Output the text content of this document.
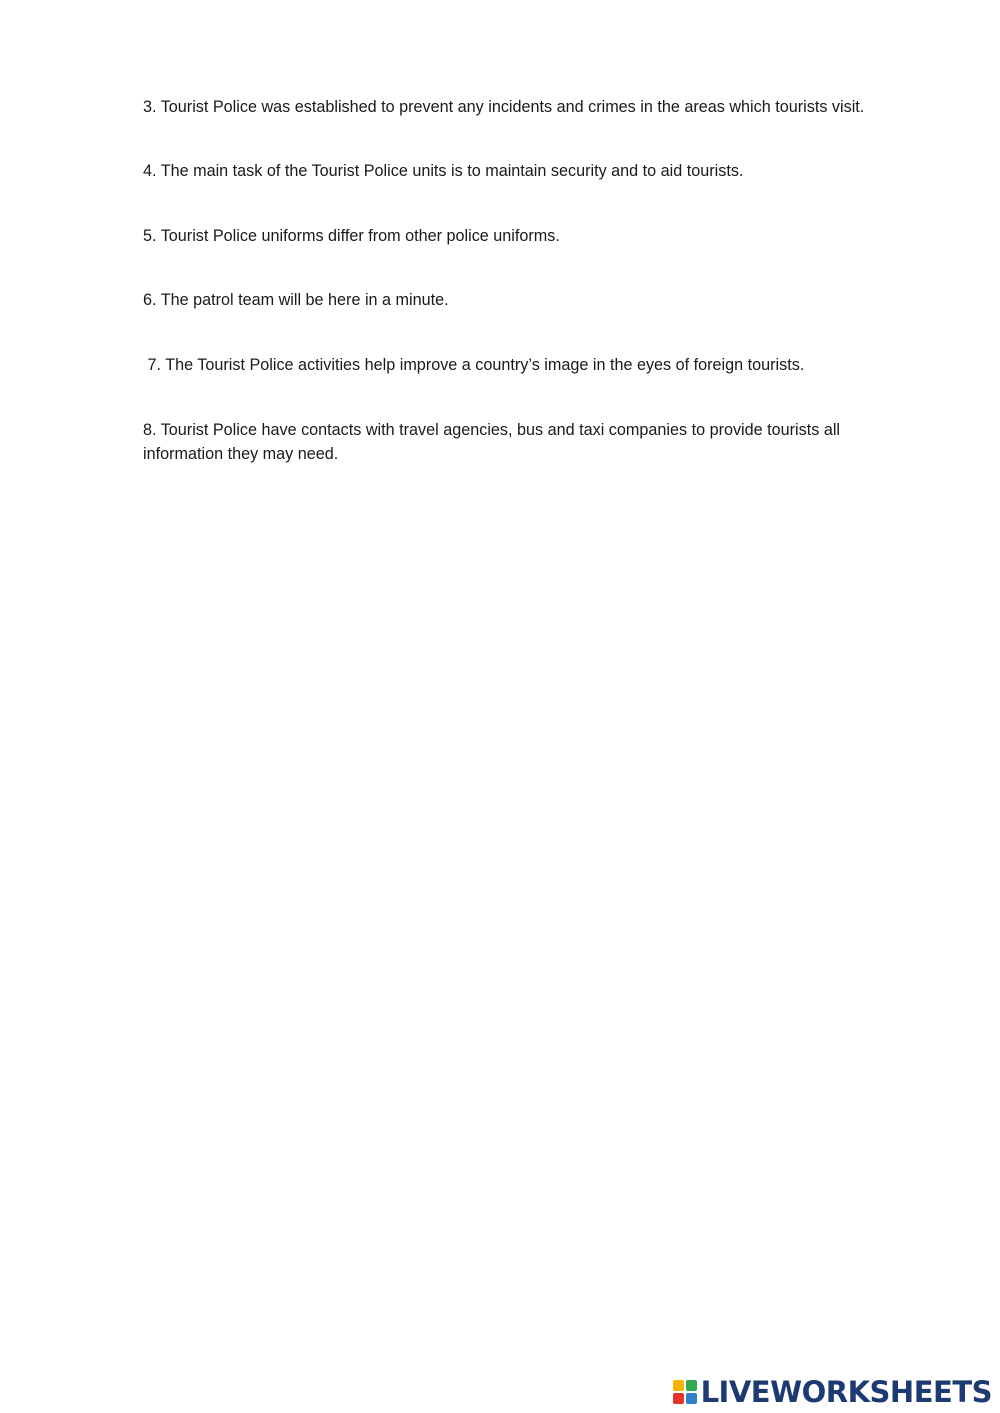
3. Tourist Police was established to prevent any incidents and crimes in the areas which tourists visit.

4. The main task of the Tourist Police units is to maintain security and to aid tourists.

5. Tourist Police uniforms differ from other police uniforms.

6. The patrol team will be here in a minute.

7. The Tourist Police activities help improve a country’s image in the eyes of foreign tourists.

8. Tourist Police have contacts with travel agencies, bus and taxi companies to provide tourists all information they may need.

LIVEWORKSHEETS
